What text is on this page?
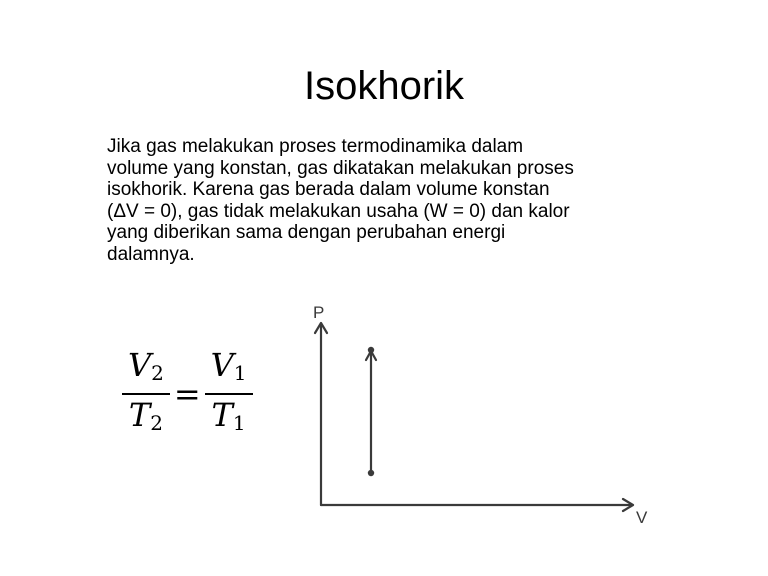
Isokhorik
Jika gas melakukan proses termodinamika dalam
volume yang konstan, gas dikatakan melakukan proses
isokhorik. Karena gas berada dalam volume konstan
(ΔV = 0), gas tidak melakukan usaha (W = 0) dan kalor
yang diberikan sama dengan perubahan energi
dalamnya.
$\frac{V_2}{T_2} = \frac{V_1}{T_1}$
P
V
